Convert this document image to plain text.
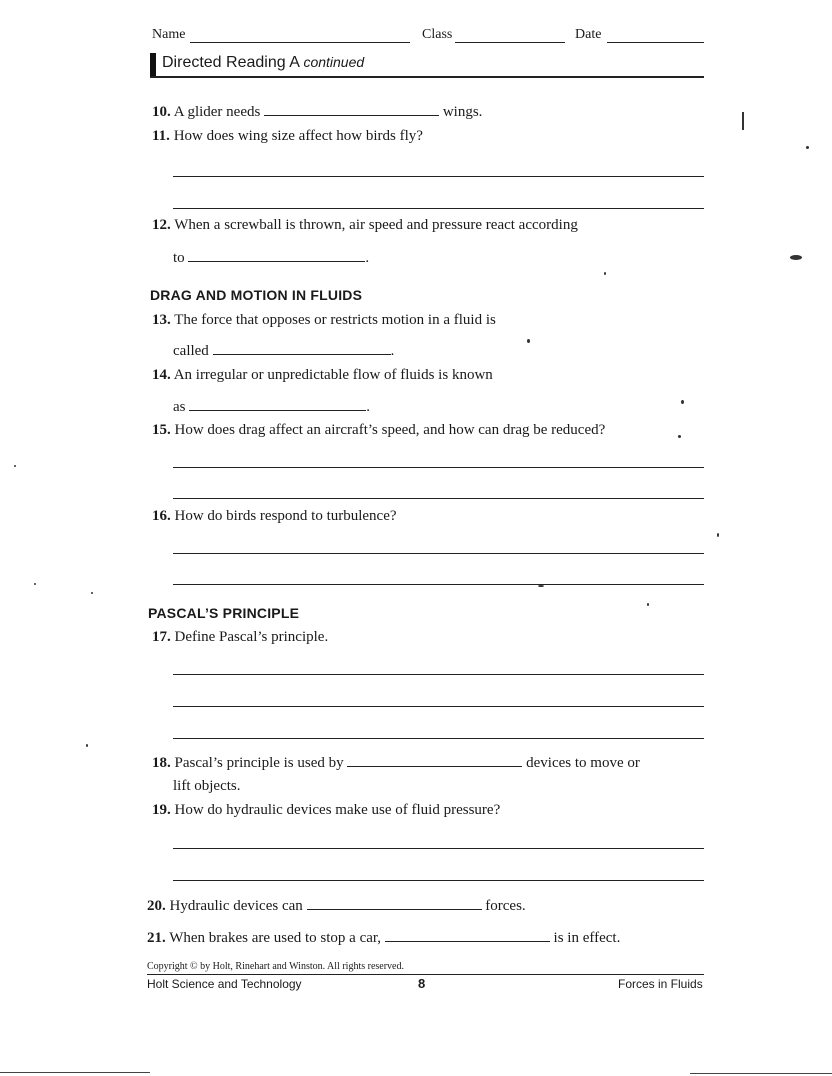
Name	Class	Date
Directed Reading A continued
10. A glider needs	wings.
11. How does wing size affect how birds fly?
12. When a screwball is thrown, air speed and pressure react according
to	.
DRAG AND MOTION IN FLUIDS
13. The force that opposes or restricts motion in a fluid is
called	.
14. An irregular or unpredictable flow of fluids is known
as	.
15. How does drag affect an aircraft’s speed, and how can drag be reduced?
16. How do birds respond to turbulence?
PASCAL’S PRINCIPLE
17. Define Pascal’s principle.
18. Pascal’s principle is used by	devices to move or
lift objects.
19. How do hydraulic devices make use of fluid pressure?
20. Hydraulic devices can	forces.
21. When brakes are used to stop a car,	is in effect.
Copyright © by Holt, Rinehart and Winston. All rights reserved.
Holt Science and Technology	8	Forces in Fluids
